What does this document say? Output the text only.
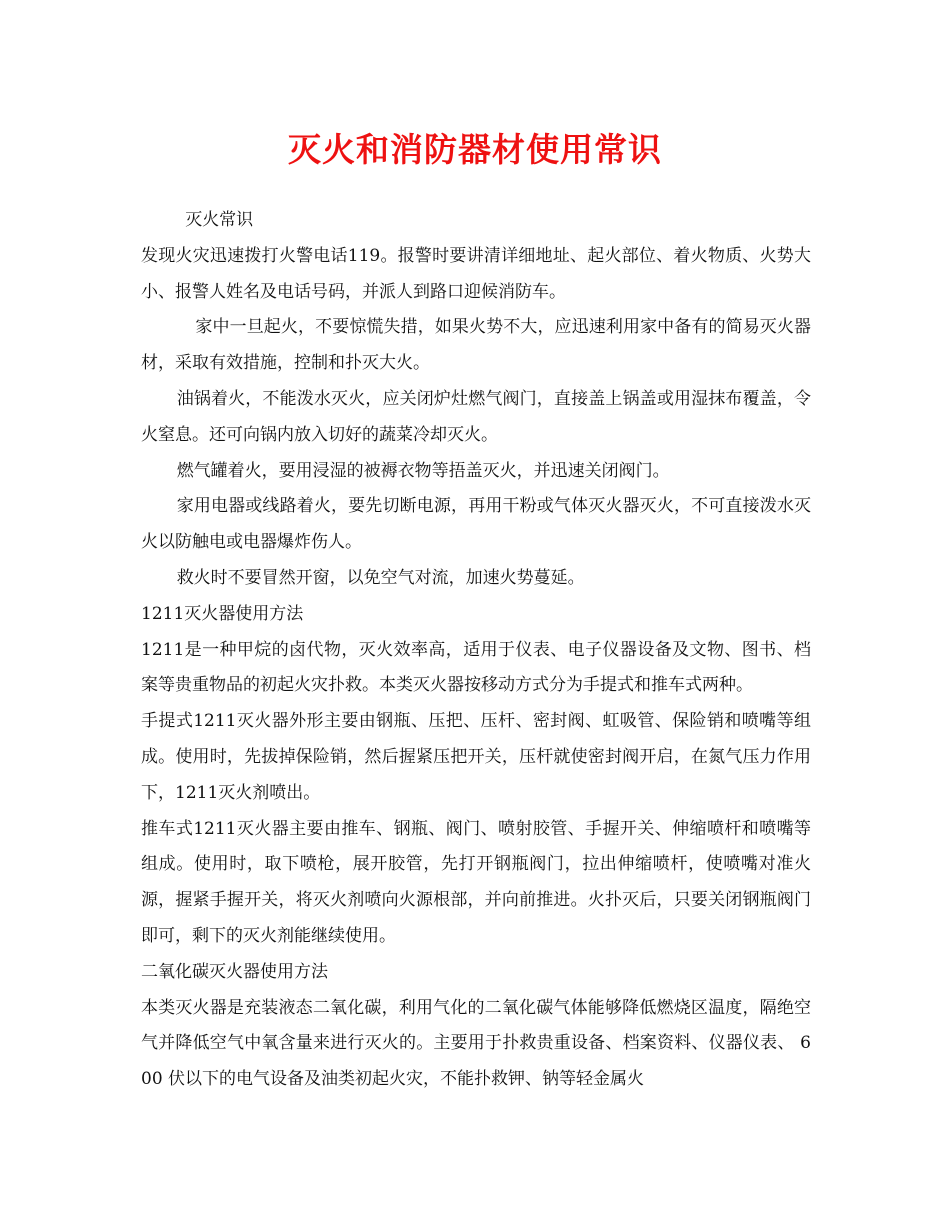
灭火和消防器材使用常识

灭火常识

发现火灾迅速拨打火警电话119。报警时要讲清详细地址、起火部位、着火物质、火势大小、报警人姓名及电话号码，并派人到路口迎候消防车。

家中一旦起火，不要惊慌失措，如果火势不大，应迅速利用家中备有的简易灭火器材，采取有效措施，控制和扑灭大火。

油锅着火，不能泼水灭火，应关闭炉灶燃气阀门，直接盖上锅盖或用湿抹布覆盖，令火窒息。还可向锅内放入切好的蔬菜冷却灭火。

燃气罐着火，要用浸湿的被褥衣物等捂盖灭火，并迅速关闭阀门。

家用电器或线路着火，要先切断电源，再用干粉或气体灭火器灭火，不可直接泼水灭火以防触电或电器爆炸伤人。

救火时不要冒然开窗，以免空气对流，加速火势蔓延。

1211灭火器使用方法

1211是一种甲烷的卤代物，灭火效率高，适用于仪表、电子仪器设备及文物、图书、档案等贵重物品的初起火灾扑救。本类灭火器按移动方式分为手提式和推车式两种。

手提式1211灭火器外形主要由钢瓶、压把、压杆、密封阀、虹吸管、保险销和喷嘴等组成。使用时，先拔掉保险销，然后握紧压把开关，压杆就使密封阀开启，在氮气压力作用下，1211灭火剂喷出。

推车式1211灭火器主要由推车、钢瓶、阀门、喷射胶管、手握开关、伸缩喷杆和喷嘴等组成。使用时，取下喷枪，展开胶管，先打开钢瓶阀门，拉出伸缩喷杆，使喷嘴对准火源，握紧手握开关，将灭火剂喷向火源根部，并向前推进。火扑灭后，只要关闭钢瓶阀门即可，剩下的灭火剂能继续使用。

二氧化碳灭火器使用方法

本类灭火器是充装液态二氧化碳，利用气化的二氧化碳气体能够降低燃烧区温度，隔绝空气并降低空气中氧含量来进行灭火的。主要用于扑救贵重设备、档案资料、仪器仪表、 600 伏以下的电气设备及油类初起火灾，不能扑救钾、钠等轻金属火
